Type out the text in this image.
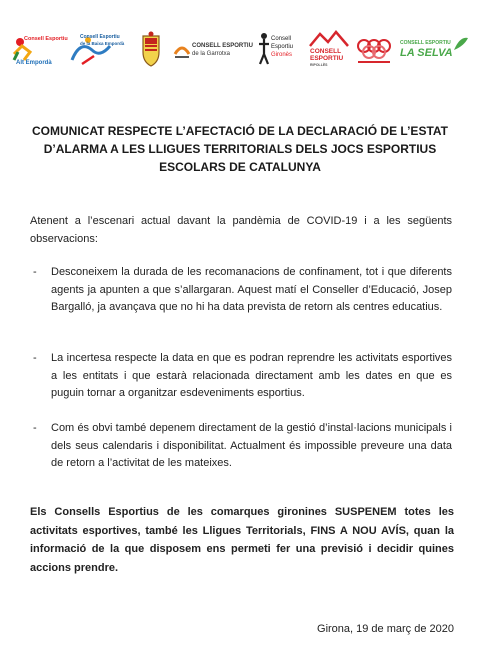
Consell Esportiu
Alt Empordà
Consell Esportiu
de la Baixa Empordà	CONSELL ESPORTIU
de la Garrotxa
Consell
Esportiu
Gironès	CONSELL
ESPORTIU
RIPOLLÈS
CONSELL ESPORTIU
LA SELVA
COMUNICAT RESPECTE L’AFECTACIÓ DE LA DECLARACIÓ DE L’ESTAT D’ALARMA A LES LLIGUES TERRITORIALS DELS JOCS ESPORTIUS ESCOLARS DE CATALUNYA
Atenent a l’escenari actual davant la pandèmia de COVID-19 i a les següents observacions:
- Desconeixem la durada de les recomanacions de confinament, tot i que diferents agents ja apunten a que s’allargaran. Aquest matí el Conseller d’Educació, Josep Bargalló, ja avançava que no hi ha data prevista de retorn als centres educatius.
- La incertesa respecte la data en que es podran reprendre les activitats esportives a les entitats i que estarà relacionada directament amb les dates en que es puguin tornar a organitzar esdeveniments esportius.
- Com és obvi també depenem directament de la gestió d’instal·lacions municipals i dels seus calendaris i disponibilitat. Actualment és impossible preveure una data de retorn a l’activitat de les mateixes.
Els Consells Esportius de les comarques gironines SUSPENEM totes les activitats esportives, també les Lligues Territorials, FINS A NOU AVÍS, quan la informació de la que disposem ens permeti fer una previsió i decidir quines accions prendre.
Girona, 19 de març de 2020
